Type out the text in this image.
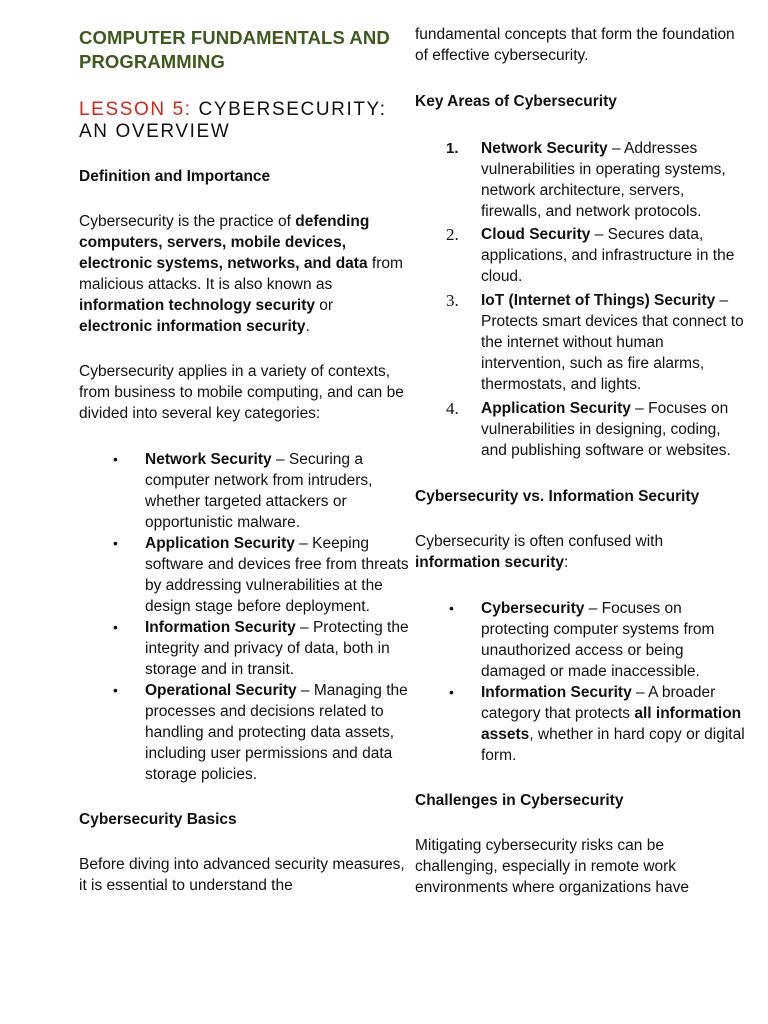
COMPUTER FUNDAMENTALS AND PROGRAMMING
LESSON 5: CYBERSECURITY: AN OVERVIEW

Definition and Importance

Cybersecurity is the practice of defending computers, servers, mobile devices, electronic systems, networks, and data from malicious attacks. It is also known as information technology security or electronic information security.

Cybersecurity applies in a variety of contexts, from business to mobile computing, and can be divided into several key categories:

• Network Security – Securing a computer network from intruders, whether targeted attackers or opportunistic malware.
• Application Security – Keeping software and devices free from threats by addressing vulnerabilities at the design stage before deployment.
• Information Security – Protecting the integrity and privacy of data, both in storage and in transit.
• Operational Security – Managing the processes and decisions related to handling and protecting data assets, including user permissions and data storage policies.

Cybersecurity Basics

Before diving into advanced security measures, it is essential to understand the

fundamental concepts that form the foundation of effective cybersecurity.

Key Areas of Cybersecurity

1. Network Security – Addresses vulnerabilities in operating systems, network architecture, servers, firewalls, and network protocols.
2. Cloud Security – Secures data, applications, and infrastructure in the cloud.
3. IoT (Internet of Things) Security – Protects smart devices that connect to the internet without human intervention, such as fire alarms, thermostats, and lights.
4. Application Security – Focuses on vulnerabilities in designing, coding, and publishing software or websites.

Cybersecurity vs. Information Security

Cybersecurity is often confused with information security:

• Cybersecurity – Focuses on protecting computer systems from unauthorized access or being damaged or made inaccessible.
• Information Security – A broader category that protects all information assets, whether in hard copy or digital form.

Challenges in Cybersecurity

Mitigating cybersecurity risks can be challenging, especially in remote work environments where organizations have
